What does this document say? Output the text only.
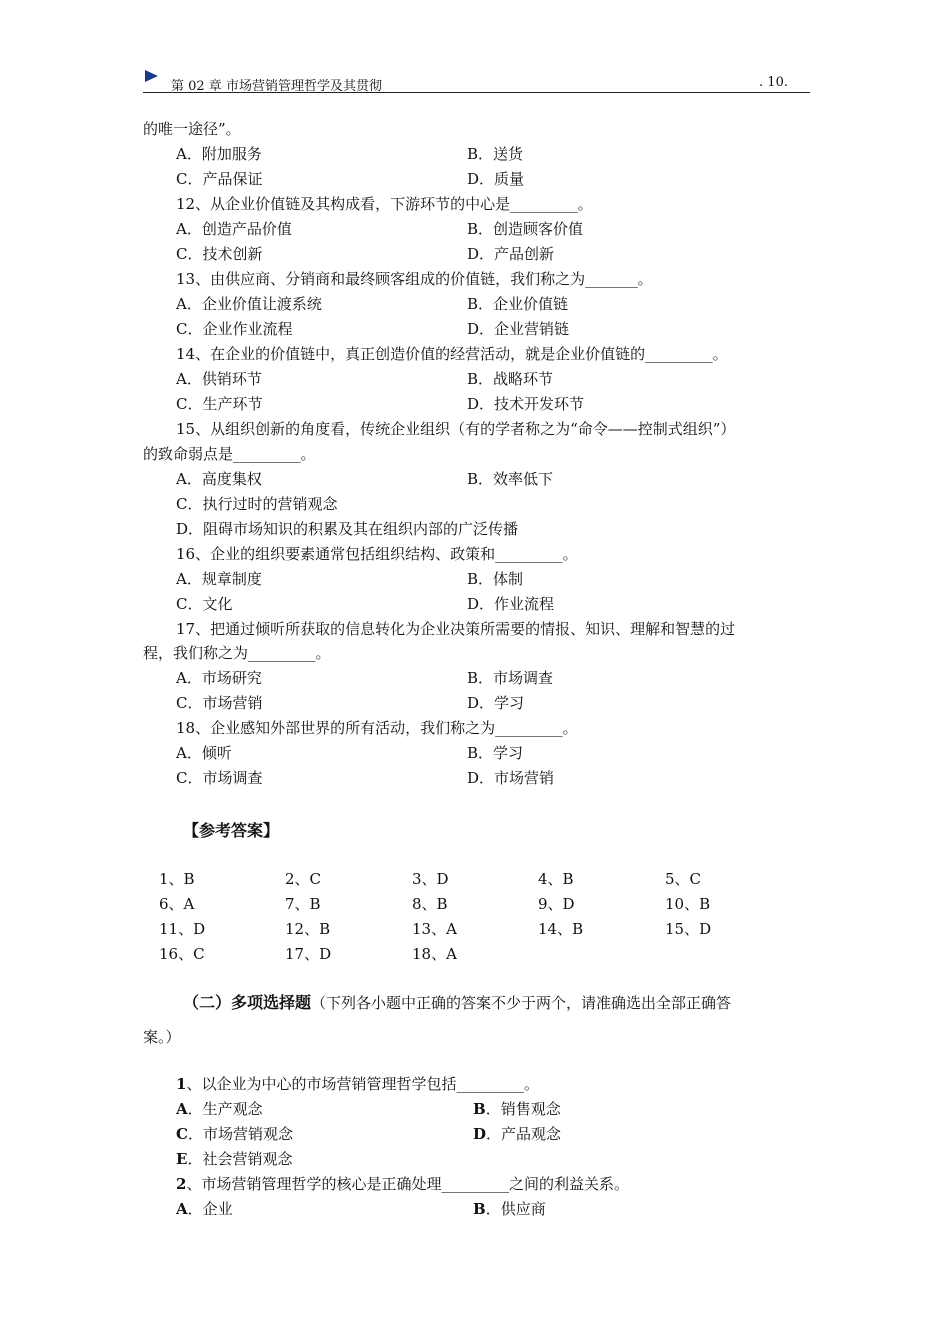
第 02 章 市场营销管理哲学及其贯彻	. 10.
的唯一途径”。
A．附加服务	B．送货
C．产品保证	D．质量
12、从企业价值链及其构成看，下游环节的中心是_________。
A．创造产品价值	B．创造顾客价值
C．技术创新	D．产品创新
13、由供应商、分销商和最终顾客组成的价值链，我们称之为_______。
A．企业价值让渡系统	B．企业价值链
C．企业作业流程	D．企业营销链
14、在企业的价值链中，真正创造价值的经营活动，就是企业价值链的_________。
A．供销环节	B．战略环节
C．生产环节	D．技术开发环节
15、从组织创新的角度看，传统企业组织（有的学者称之为“命令——控制式组织”）
的致命弱点是_________。
A．高度集权	B．效率低下
C．执行过时的营销观念
D．阻碍市场知识的积累及其在组织内部的广泛传播
16、企业的组织要素通常包括组织结构、政策和_________。
A．规章制度	B．体制
C．文化	D．作业流程
17、把通过倾听所获取的信息转化为企业决策所需要的情报、知识、理解和智慧的过
程，我们称之为_________。
A．市场研究	B．市场调查
C．市场营销	D．学习
18、企业感知外部世界的所有活动，我们称之为_________。
A．倾听	B．学习
C．市场调查	D．市场营销
【参考答案】
1、B	2、C	3、D	4、B	5、C
6、A	7、B	8、B	9、D	10、B
11、D	12、B	13、A	14、B	15、D
16、C	17、D	18、A
（二）多项选择题（下列各小题中正确的答案不少于两个，请准确选出全部正确答
案。）
1、以企业为中心的市场营销管理哲学包括_________。
A．生产观念	B．销售观念
C．市场营销观念	D．产品观念
E．社会营销观念
2、市场营销管理哲学的核心是正确处理_________之间的利益关系。
A．企业	B．供应商
